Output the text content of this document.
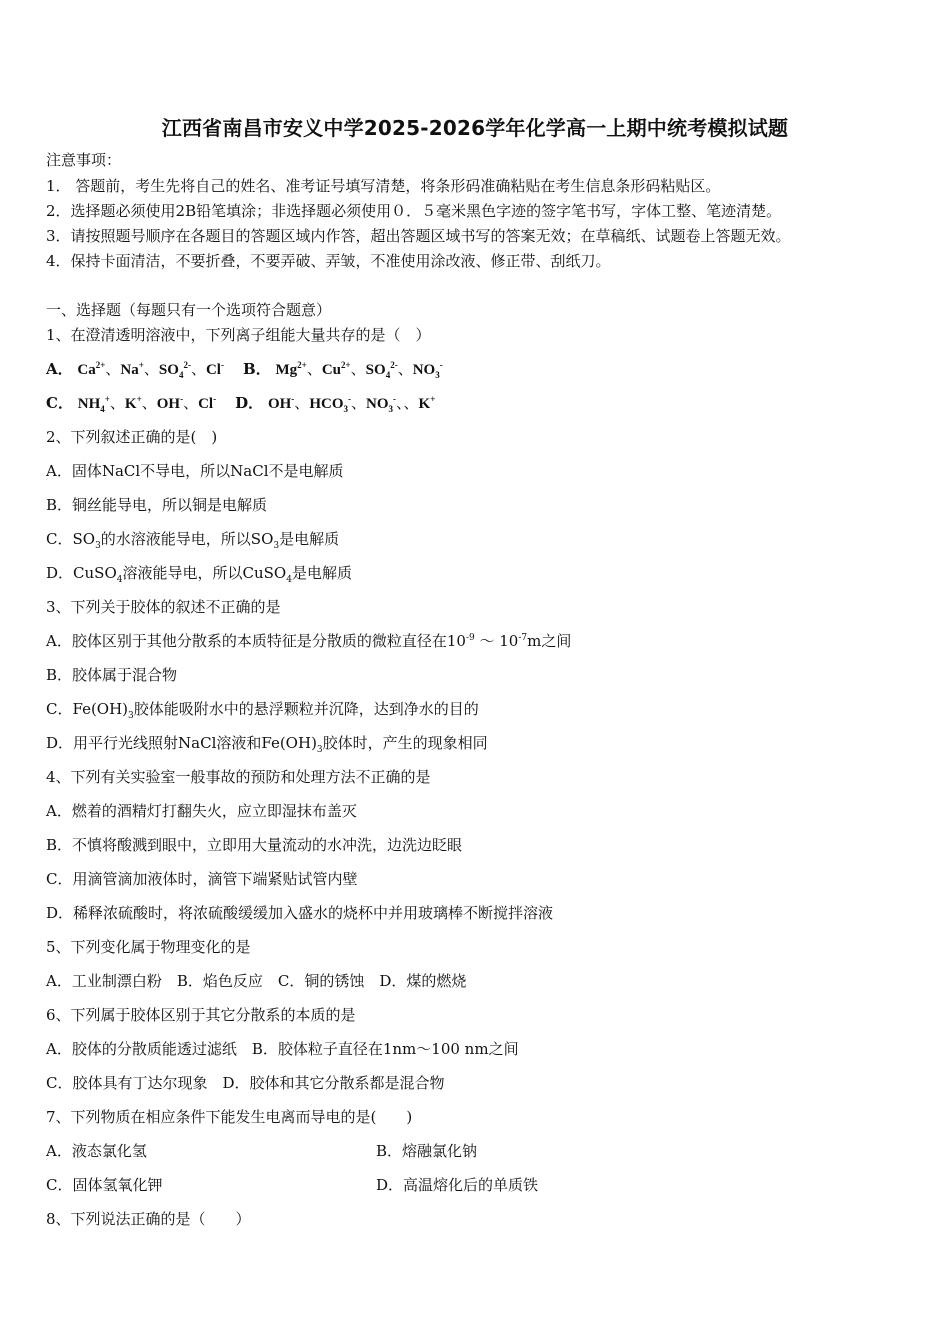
江西省南昌市安义中学2025-2026学年化学高一上期中统考模拟试题
注意事项：
1． 答题前，考生先将自己的姓名、准考证号填写清楚，将条形码准确粘贴在考生信息条形码粘贴区。
2．选择题必须使用2B铅笔填涂；非选择题必须使用０．５毫米黑色字迹的签字笔书写，字体工整、笔迹清楚。
3．请按照题号顺序在各题目的答题区域内作答，超出答题区域书写的答案无效；在草稿纸、试题卷上答题无效。
4．保持卡面清洁，不要折叠，不要弄破、弄皱，不准使用涂改液、修正带、刮纸刀。
一、选择题（每题只有一个选项符合题意）
1、在澄清透明溶液中，下列离子组能大量共存的是（　）
A． $Ca^{2+}$、Na+、$SO_4^{2-}$、Cl- B． $Mg^{2+}$、$Cu^{2+}$、$SO_4^{2-}$、$NO_3^-$
C． $NH_4^+$、K+、OH-、Cl- D． OH-、$HCO_3^-$、$NO_3^-$、、K+
2、下列叙述正确的是(　)
A．固体NaCl不导电，所以NaCl不是电解质
B．铜丝能导电，所以铜是电解质
C．$SO_3$的水溶液能导电，所以$SO_3$是电解质
D．CuSO$_4$溶液能导电，所以CuSO$_4$是电解质
3、下列关于胶体的叙述不正确的是
A．胶体区别于其他分散系的本质特征是分散质的微粒直径在$10^{-9}$ ～ $10^{-7}m$之间
B．胶体属于混合物
C．$Fe(OH)_3$胶体能吸附水中的悬浮颗粒并沉降，达到净水的目的
D．用平行光线照射NaCl溶液和$Fe(OH)_3$胶体时，产生的现象相同
4、下列有关实验室一般事故的预防和处理方法不正确的是
A．燃着的酒精灯打翻失火，应立即湿抹布盖灭
B．不慎将酸溅到眼中，立即用大量流动的水冲洗，边洗边眨眼
C．用滴管滴加液体时，滴管下端紧贴试管内壁
D．稀释浓硫酸时，将浓硫酸缓缓加入盛水的烧杯中并用玻璃棒不断搅拌溶液
5、下列变化属于物理变化的是
A．工业制漂白粉　B．焰色反应　C．铜的锈蚀　D．煤的燃烧
6、下列属于胶体区别于其它分散系的本质的是
A．胶体的分散质能透过滤纸　B．胶体粒子直径在1nm～100 nm之间
C．胶体具有丁达尔现象　D．胶体和其它分散系都是混合物
7、下列物质在相应条件下能发生电离而导电的是(　　)
A．液态氯化氢	B．熔融氯化钠
C．固体氢氧化钾	D．高温熔化后的单质铁
8、下列说法正确的是（　　）
